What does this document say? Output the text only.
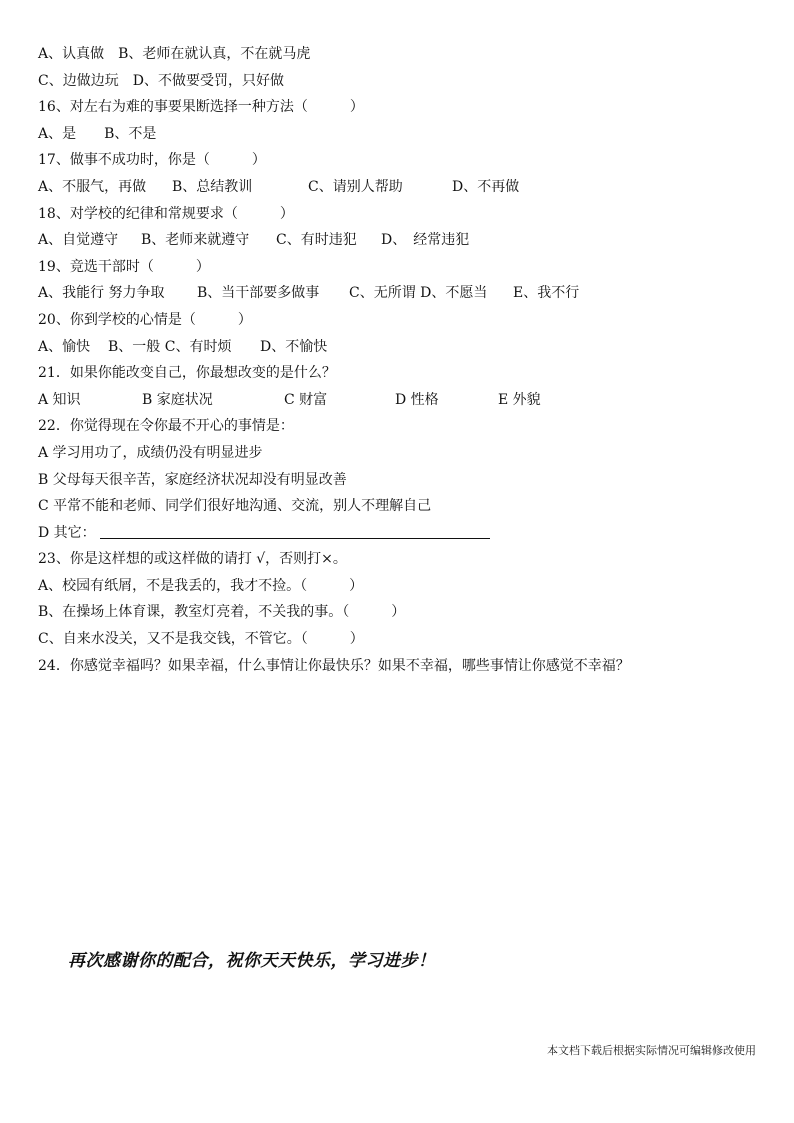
A、认真做 B、老师在就认真，不在就马虎
C、边做边玩 D、不做要受罚，只好做
16、对左右为难的事要果断选择一种方法（　　　）
A、是 B、不是
17、做事不成功时，你是（　　　）
A、不服气，再做 B、总结教训	C、请别人帮助	D、不再做
18、对学校的纪律和常规要求（　　　）
A、自觉遵守 B、老师来就遵守 C、有时违犯 D、　经常违犯
19、竞选干部时（　　　）
A、我能行 努力争取 B、当干部要多做事 C、无所谓 D、不愿当 E、我不行
20、你到学校的心情是（　　　）
A、愉快 B、一般 C、有时烦 D、不愉快
21．如果你能改变自己，你最想改变的是什么？
A 知识	B 家庭状况	C 财富	D 性格	E 外貌
22．你觉得现在令你最不开心的事情是：
A 学习用功了，成绩仍没有明显进步
B 父母每天很辛苦，家庭经济状况却没有明显改善
C 平常不能和老师、同学们很好地沟通、交流，别人不理解自己
D 其它：
23、你是这样想的或这样做的请打 √，否则打×。
A、校园有纸屑，不是我丢的，我才不捡。（　　　）
B、在操场上体育课，教室灯亮着，不关我的事。（　　　）
C、自来水没关，又不是我交钱，不管它。（　　　）
24．你感觉幸福吗？如果幸福，什么事情让你最快乐？如果不幸福，哪些事情让你感觉不幸福？
再次感谢你的配合，祝你天天快乐，学习进步！
本文档下载后根据实际情况可编辑修改使用
